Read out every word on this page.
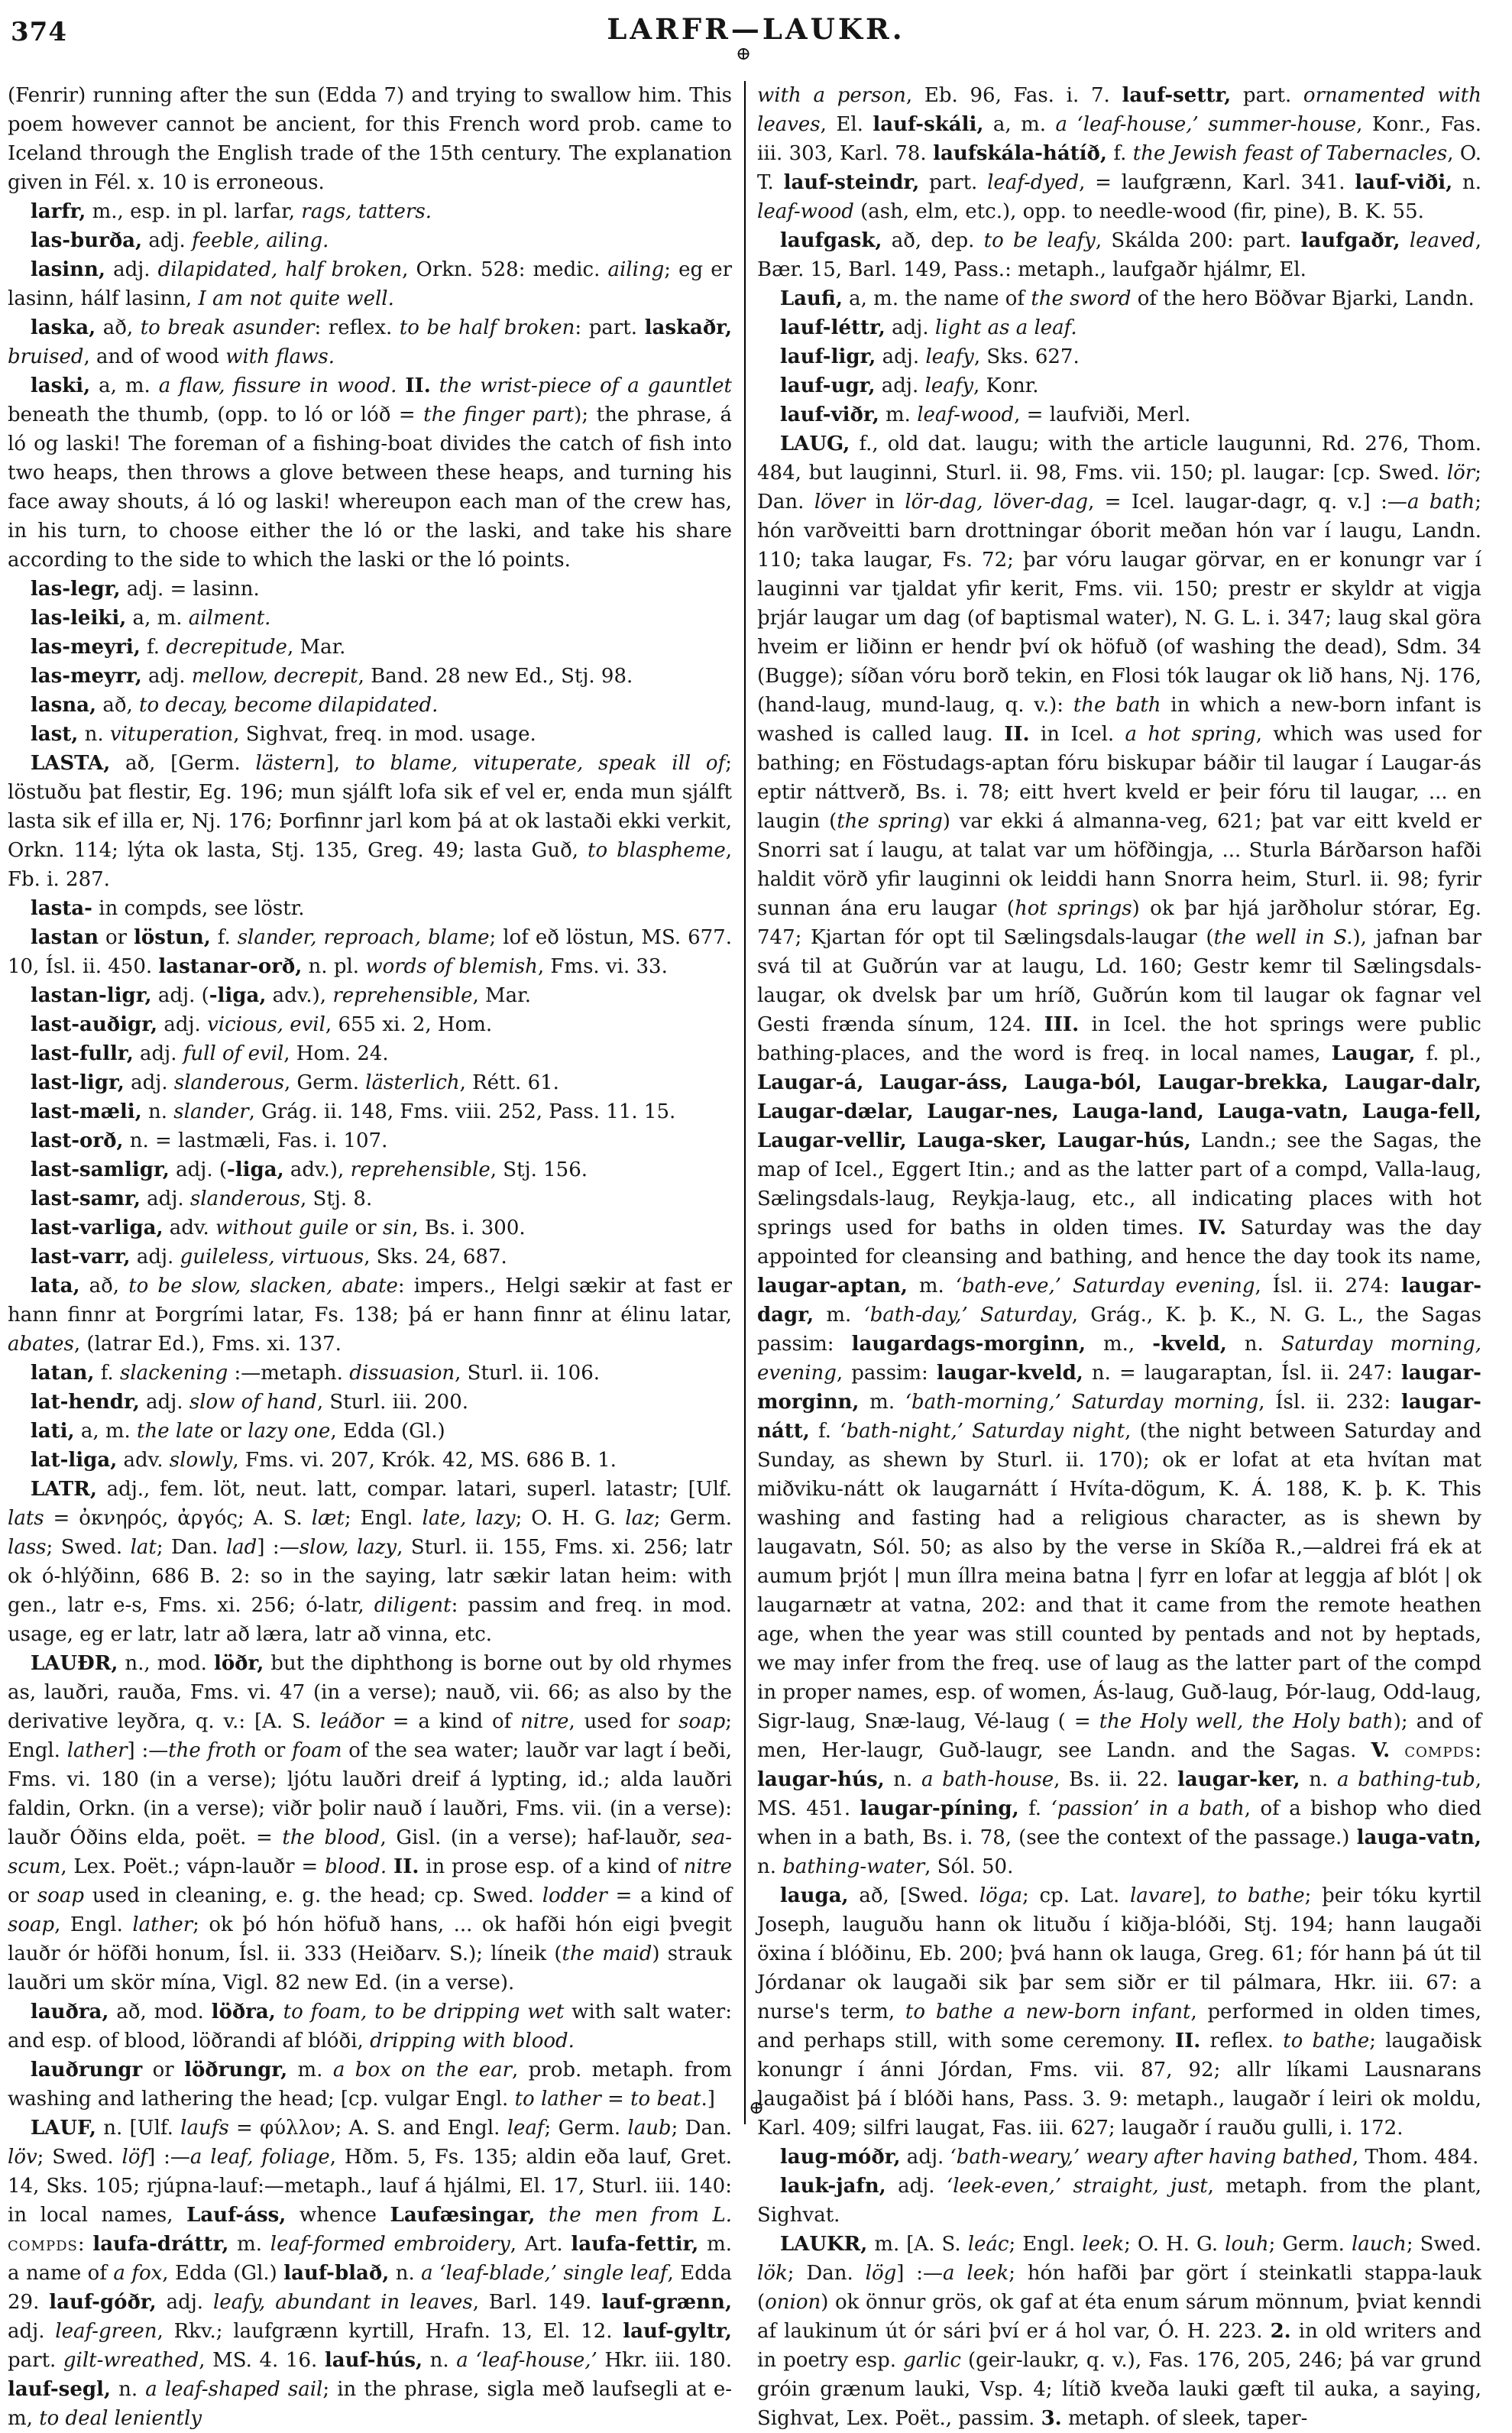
374	LARFR—LAUKR.
⊕

(Fenrir) running after the sun (Edda 7) and trying to swallow him. This poem however cannot be ancient, for this French word prob. came to Iceland through the English trade of the 15th century. The explanation given in Fél. x. 10 is erroneous.

larfr, m., esp. in pl. larfar, rags, tatters.

las-burða, adj. feeble, ailing.

lasinn, adj. dilapidated, half broken, Orkn. 528: medic. ailing; eg er lasinn, hálf lasinn, I am not quite well.

laska, að, to break asunder: reflex. to be half broken: part. laskaðr, bruised, and of wood with flaws.

laski, a, m. a flaw, fissure in wood. II. the wrist-piece of a gauntlet beneath the thumb, (opp. to ló or lóð = the finger part); the phrase, á ló og laski! The foreman of a fishing-boat divides the catch of fish into two heaps, then throws a glove between these heaps, and turning his face away shouts, á ló og laski! whereupon each man of the crew has, in his turn, to choose either the ló or the laski, and take his share according to the side to which the laski or the ló points.

las-legr, adj. = lasinn.

las-leiki, a, m. ailment.

las-meyri, f. decrepitude, Mar.

las-meyrr, adj. mellow, decrepit, Band. 28 new Ed., Stj. 98.

lasna, að, to decay, become dilapidated.

last, n. vituperation, Sighvat, freq. in mod. usage.

LASTA, að, [Germ. lästern], to blame, vituperate, speak ill of; löstuðu þat flestir, Eg. 196; mun sjálft lofa sik ef vel er, enda mun sjálft lasta sik ef illa er, Nj. 176; Þorfinnr jarl kom þá at ok lastaði ekki verkit, Orkn. 114; lýta ok lasta, Stj. 135, Greg. 49; lasta Guð, to blaspheme, Fb. i. 287.

lasta- in compds, see löstr.

lastan or löstun, f. slander, reproach, blame; lof eð löstun, MS. 677. 10, Ísl. ii. 450. lastanar-orð, n. pl. words of blemish, Fms. vi. 33.

lastan-ligr, adj. (-liga, adv.), reprehensible, Mar.

last-auðigr, adj. vicious, evil, 655 xi. 2, Hom.

last-fullr, adj. full of evil, Hom. 24.

last-ligr, adj. slanderous, Germ. lästerlich, Rétt. 61.

last-mæli, n. slander, Grág. ii. 148, Fms. viii. 252, Pass. 11. 15.

last-orð, n. = lastmæli, Fas. i. 107.

last-samligr, adj. (-liga, adv.), reprehensible, Stj. 156.

last-samr, adj. slanderous, Stj. 8.

last-varliga, adv. without guile or sin, Bs. i. 300.

last-varr, adj. guileless, virtuous, Sks. 24, 687.

lata, að, to be slow, slacken, abate: impers., Helgi sækir at fast er hann finnr at Þorgrími latar, Fs. 138; þá er hann finnr at élinu latar, abates, (latrar Ed.), Fms. xi. 137.

latan, f. slackening :—metaph. dissuasion, Sturl. ii. 106.

lat-hendr, adj. slow of hand, Sturl. iii. 200.

lati, a, m. the late or lazy one, Edda (Gl.)

lat-liga, adv. slowly, Fms. vi. 207, Krók. 42, MS. 686 B. 1.

LATR, adj., fem. löt, neut. latt, compar. latari, superl. latastr; [Ulf. lats = ὀκνηρός, ἀργός; A. S. læt; Engl. late, lazy; O. H. G. laz; Germ. lass; Swed. lat; Dan. lad] :—slow, lazy, Sturl. ii. 155, Fms. xi. 256; latr ok ó-hlýðinn, 686 B. 2: so in the saying, latr sækir latan heim: with gen., latr e-s, Fms. xi. 256; ó-latr, diligent: passim and freq. in mod. usage, eg er latr, latr að læra, latr að vinna, etc.

LAUÐR, n., mod. löðr, but the diphthong is borne out by old rhymes as, lauðri, rauða, Fms. vi. 47 (in a verse); nauð, vii. 66; as also by the derivative leyðra, q. v.: [A. S. leáðor = a kind of nitre, used for soap; Engl. lather] :—the froth or foam of the sea water; lauðr var lagt í beði, Fms. vi. 180 (in a verse); ljótu lauðri dreif á lypting, id.; alda lauðri faldin, Orkn. (in a verse); viðr þolir nauð í lauðri, Fms. vii. (in a verse): lauðr Óðins elda, poët. = the blood, Gisl. (in a verse); haf-lauðr, sea-scum, Lex. Poët.; vápn-lauðr = blood. II. in prose esp. of a kind of nitre or soap used in cleaning, e. g. the head; cp. Swed. lodder = a kind of soap, Engl. lather; ok þó hón höfuð hans, ... ok hafði hón eigi þvegit lauðr ór höfði honum, Ísl. ii. 333 (Heiðarv. S.); líneik (the maid) strauk lauðri um skör mína, Vigl. 82 new Ed. (in a verse).

lauðra, að, mod. löðra, to foam, to be dripping wet with salt water: and esp. of blood, löðrandi af blóði, dripping with blood.

lauðrungr or löðrungr, m. a box on the ear, prob. metaph. from washing and lathering the head; [cp. vulgar Engl. to lather = to beat.]

LAUF, n. [Ulf. laufs = φύλλον; A. S. and Engl. leaf; Germ. laub; Dan. löv; Swed. löf] :—a leaf, foliage, Hðm. 5, Fs. 135; aldin eða lauf, Gret. 14, Sks. 105; rjúpna-lauf:—metaph., lauf á hjálmi, El. 17, Sturl. iii. 140: in local names, Lauf-áss, whence Laufæsingar, the men from L. compds: laufa-dráttr, m. leaf-formed embroidery, Art. laufa-fettir, m. a name of a fox, Edda (Gl.) lauf-blað, n. a ‘leaf-blade,’ single leaf, Edda 29. lauf-góðr, adj. leafy, abundant in leaves, Barl. 149. lauf-grænn, adj. leaf-green, Rkv.; laufgrænn kyrtill, Hrafn. 13, El. 12. lauf-gyltr, part. gilt-wreathed, MS. 4. 16. lauf-hús, n. a ‘leaf-house,’ Hkr. iii. 180. lauf-segl, n. a leaf-shaped sail; in the phrase, sigla með laufsegli at e-m, to deal leniently

with a person, Eb. 96, Fas. i. 7. lauf-settr, part. ornamented with leaves, El. lauf-skáli, a, m. a ‘leaf-house,’ summer-house, Konr., Fas. iii. 303, Karl. 78. laufskála-hátíð, f. the Jewish feast of Tabernacles, O. T. lauf-steindr, part. leaf-dyed, = laufgrænn, Karl. 341. lauf-viði, n. leaf-wood (ash, elm, etc.), opp. to needle-wood (fir, pine), B. K. 55.

laufgask, að, dep. to be leafy, Skálda 200: part. laufgaðr, leaved, Bær. 15, Barl. 149, Pass.: metaph., laufgaðr hjálmr, El.

Laufi, a, m. the name of the sword of the hero Böðvar Bjarki, Landn.

lauf-léttr, adj. light as a leaf.

lauf-ligr, adj. leafy, Sks. 627.

lauf-ugr, adj. leafy, Konr.

lauf-viðr, m. leaf-wood, = laufviði, Merl.

LAUG, f., old dat. laugu; with the article laugunni, Rd. 276, Thom. 484, but lauginni, Sturl. ii. 98, Fms. vii. 150; pl. laugar: [cp. Swed. lör; Dan. löver in lör-dag, löver-dag, = Icel. laugar-dagr, q. v.] :—a bath; hón varðveitti barn drottningar óborit meðan hón var í laugu, Landn. 110; taka laugar, Fs. 72; þar vóru laugar görvar, en er konungr var í lauginni var tjaldat yfir kerit, Fms. vii. 150; prestr er skyldr at vigja þrjár laugar um dag (of baptismal water), N. G. L. i. 347; laug skal göra hveim er liðinn er hendr því ok höfuð (of washing the dead), Sdm. 34 (Bugge); síðan vóru borð tekin, en Flosi tók laugar ok lið hans, Nj. 176, (hand-laug, mund-laug, q. v.): the bath in which a new-born infant is washed is called laug. II. in Icel. a hot spring, which was used for bathing; en Föstudags-aptan fóru biskupar báðir til laugar í Laugar-ás eptir náttverð, Bs. i. 78; eitt hvert kveld er þeir fóru til laugar, ... en laugin (the spring) var ekki á almanna-veg, 621; þat var eitt kveld er Snorri sat í laugu, at talat var um höfðingja, ... Sturla Bárðarson hafði haldit vörð yfir lauginni ok leiddi hann Snorra heim, Sturl. ii. 98; fyrir sunnan ána eru laugar (hot springs) ok þar hjá jarðholur stórar, Eg. 747; Kjartan fór opt til Sælingsdals-laugar (the well in S.), jafnan bar svá til at Guðrún var at laugu, Ld. 160; Gestr kemr til Sælingsdals-laugar, ok dvelsk þar um hríð, Guðrún kom til laugar ok fagnar vel Gesti frænda sínum, 124. III. in Icel. the hot springs were public bathing-places, and the word is freq. in local names, Laugar, f. pl., Laugar-á, Laugar-áss, Lauga-ból, Laugar-brekka, Laugar-dalr, Laugar-dælar, Laugar-nes, Lauga-land, Lauga-vatn, Lauga-fell, Laugar-vellir, Lauga-sker, Laugar-hús, Landn.; see the Sagas, the map of Icel., Eggert Itin.; and as the latter part of a compd, Valla-laug, Sælingsdals-laug, Reykja-laug, etc., all indicating places with hot springs used for baths in olden times. IV. Saturday was the day appointed for cleansing and bathing, and hence the day took its name, laugar-aptan, m. ‘bath-eve,’ Saturday evening, Ísl. ii. 274: laugar-dagr, m. ‘bath-day,’ Saturday, Grág., K. þ. K., N. G. L., the Sagas passim: laugardags-morginn, m., -kveld, n. Saturday morning, evening, passim: laugar-kveld, n. = laugaraptan, Ísl. ii. 247: laugar-morginn, m. ‘bath-morning,’ Saturday morning, Ísl. ii. 232: laugar-nátt, f. ‘bath-night,’ Saturday night, (the night between Saturday and Sunday, as shewn by Sturl. ii. 170); ok er lofat at eta hvítan mat miðviku-nátt ok laugarnátt í Hvíta-dögum, K. Á. 188, K. þ. K. This washing and fasting had a religious character, as is shewn by laugavatn, Sól. 50; as also by the verse in Skíða R.,—aldrei frá ek at aumum þrjót | mun íllra meina batna | fyrr en lofar at leggja af blót | ok laugarnætr at vatna, 202: and that it came from the remote heathen age, when the year was still counted by pentads and not by heptads, we may infer from the freq. use of laug as the latter part of the compd in proper names, esp. of women, Ás-laug, Guð-laug, Þór-laug, Odd-laug, Sigr-laug, Snæ-laug, Vé-laug ( = the Holy well, the Holy bath); and of men, Her-laugr, Guð-laugr, see Landn. and the Sagas. V. compds: laugar-hús, n. a bath-house, Bs. ii. 22. laugar-ker, n. a bathing-tub, MS. 451. laugar-píning, f. ‘passion’ in a bath, of a bishop who died when in a bath, Bs. i. 78, (see the context of the passage.) lauga-vatn, n. bathing-water, Sól. 50.

lauga, að, [Swed. löga; cp. Lat. lavare], to bathe; þeir tóku kyrtil Joseph, lauguðu hann ok lituðu í kiðja-blóði, Stj. 194; hann laugaði öxina í blóðinu, Eb. 200; þvá hann ok lauga, Greg. 61; fór hann þá út til Jórdanar ok laugaði sik þar sem siðr er til pálmara, Hkr. iii. 67: a nurse's term, to bathe a new-born infant, performed in olden times, and perhaps still, with some ceremony. II. reflex. to bathe; laugaðisk konungr í ánni Jórdan, Fms. vii. 87, 92; allr líkami Lausnarans laugaðist þá í blóði hans, Pass. 3. 9: metaph., laugaðr í leiri ok moldu, Karl. 409; silfri laugat, Fas. iii. 627; laugaðr í rauðu gulli, i. 172.

laug-móðr, adj. ‘bath-weary,’ weary after having bathed, Thom. 484.

lauk-jafn, adj. ‘leek-even,’ straight, just, metaph. from the plant, Sighvat.

LAUKR, m. [A. S. leác; Engl. leek; O. H. G. louh; Germ. lauch; Swed. lök; Dan. lög] :—a leek; hón hafði þar gört í steinkatli stappa-lauk (onion) ok önnur grös, ok gaf at éta enum sárum mönnum, þviat kenndi af laukinum út ór sári því er á hol var, Ó. H. 223. 2. in old writers and in poetry esp. garlic (geir-laukr, q. v.), Fas. 176, 205, 246; þá var grund gróin grænum lauki, Vsp. 4; lítið kveða lauki gæft til auka, a saying, Sighvat, Lex. Poët., passim. 3. metaph. of sleek, taper-

⊕
